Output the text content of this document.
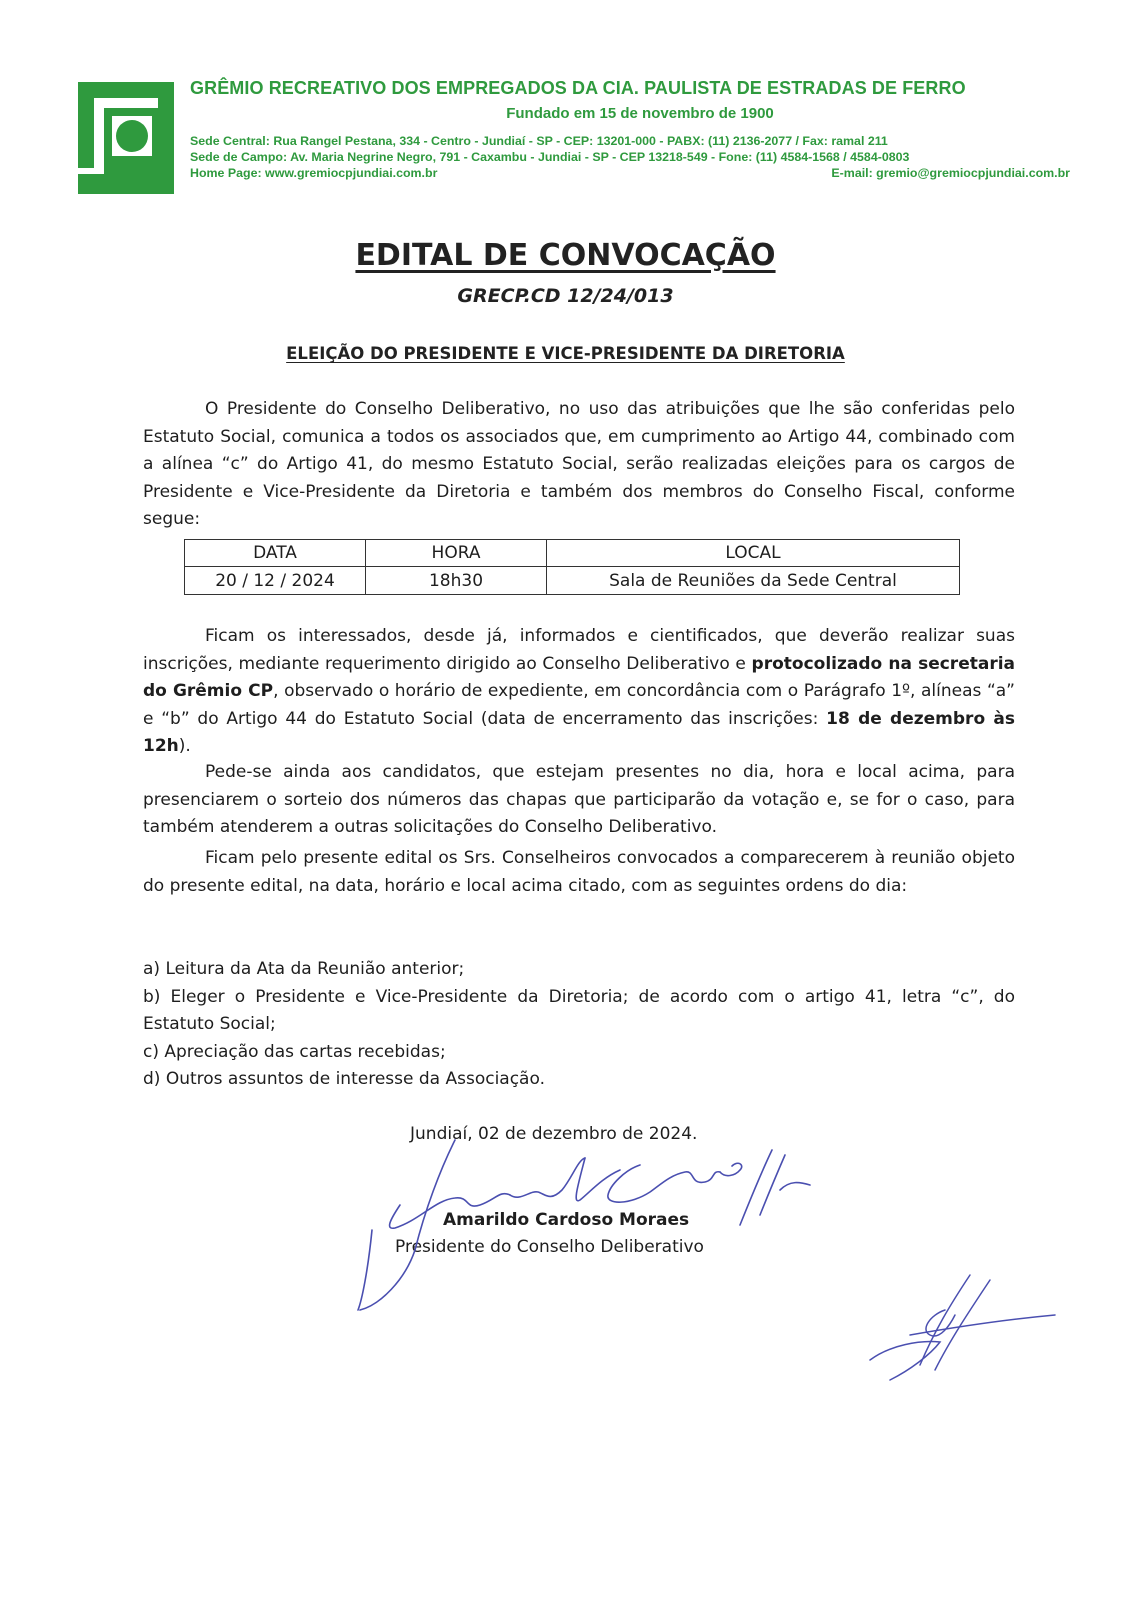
GRÊMIO RECREATIVO DOS EMPREGADOS DA CIA. PAULISTA DE ESTRADAS DE FERRO
Fundado em 15 de novembro de 1900
Sede Central: Rua Rangel Pestana, 334 - Centro - Jundiaí - SP - CEP: 13201-000 - PABX: (11) 2136-2077 / Fax: ramal 211
Sede de Campo: Av. Maria Negrine Negro, 791 - Caxambu - Jundiai - SP - CEP 13218-549 - Fone: (11) 4584-1568 / 4584-0803
Home Page: www.gremiocpjundiai.com.br	E-mail: gremio@gremiocpjundiai.com.br
EDITAL DE CONVOCAÇÃO
GRECP.CD 12/24/013
ELEIÇÃO DO PRESIDENTE E VICE-PRESIDENTE DA DIRETORIA
O Presidente do Conselho Deliberativo, no uso das atribuições que lhe são conferidas pelo Estatuto Social, comunica a todos os associados que, em cumprimento ao Artigo 44, combinado com a alínea “c” do Artigo 41, do mesmo Estatuto Social, serão realizadas eleições para os cargos de Presidente e Vice-Presidente da Diretoria e também dos membros do Conselho Fiscal, conforme segue:
DATA	HORA	LOCAL
20 / 12 / 2024	18h30	Sala de Reuniões da Sede Central
Ficam os interessados, desde já, informados e cientificados, que deverão realizar suas inscrições, mediante requerimento dirigido ao Conselho Deliberativo e protocolizado na secretaria do Grêmio CP, observado o horário de expediente, em concordância com o Parágrafo 1º, alíneas “a” e “b” do Artigo 44 do Estatuto Social (data de encerramento das inscrições: 18 de dezembro às 12h).
Pede-se ainda aos candidatos, que estejam presentes no dia, hora e local acima, para presenciarem o sorteio dos números das chapas que participarão da votação e, se for o caso, para também atenderem a outras solicitações do Conselho Deliberativo.
Ficam pelo presente edital os Srs. Conselheiros convocados a comparecerem à reunião objeto do presente edital, na data, horário e local acima citado, com as seguintes ordens do dia:
a) Leitura da Ata da Reunião anterior;
b) Eleger o Presidente e Vice-Presidente da Diretoria; de acordo com o artigo 41, letra “c”, do Estatuto Social;
c) Apreciação das cartas recebidas;
d) Outros assuntos de interesse da Associação.
Jundiaí, 02 de dezembro de 2024.
Amarildo Cardoso Moraes
Presidente do Conselho Deliberativo
